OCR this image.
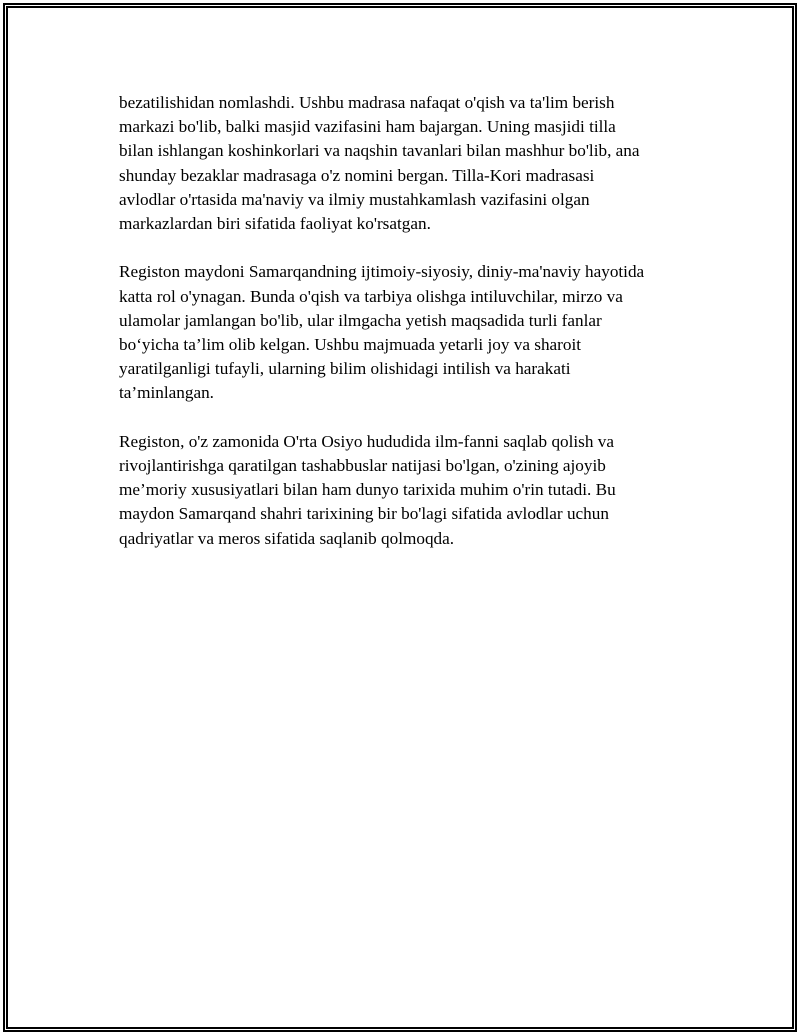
bezatilishidan nomlashdi. Ushbu madrasa nafaqat o'qish va ta'lim berish
markazi bo'lib, balki masjid vazifasini ham bajargan. Uning masjidi tilla
bilan ishlangan koshinkorlari va naqshin tavanlari bilan mashhur bo'lib, ana
shunday bezaklar madrasaga o'z nomini bergan. Tilla-Kori madrasasi
avlodlar o'rtasida ma'naviy va ilmiy mustahkamlash vazifasini olgan
markazlardan biri sifatida faoliyat ko'rsatgan.

Registon maydoni Samarqandning ijtimoiy-siyosiy, diniy-ma'naviy hayotida
katta rol o'ynagan. Bunda o'qish va tarbiya olishga intiluvchilar, mirzo va
ulamolar jamlangan bo'lib, ular ilmgacha yetish maqsadida turli fanlar
bo‘yicha ta’lim olib kelgan. Ushbu majmuada yetarli joy va sharoit
yaratilganligi tufayli, ularning bilim olishidagi intilish va harakati
ta’minlangan.

Registon, o'z zamonida O'rta Osiyo hududida ilm-fanni saqlab qolish va
rivojlantirishga qaratilgan tashabbuslar natijasi bo'lgan, o'zining ajoyib
me’moriy xususiyatlari bilan ham dunyo tarixida muhim o'rin tutadi. Bu
maydon Samarqand shahri tarixining bir bo'lagi sifatida avlodlar uchun
qadriyatlar va meros sifatida saqlanib qolmoqda.
